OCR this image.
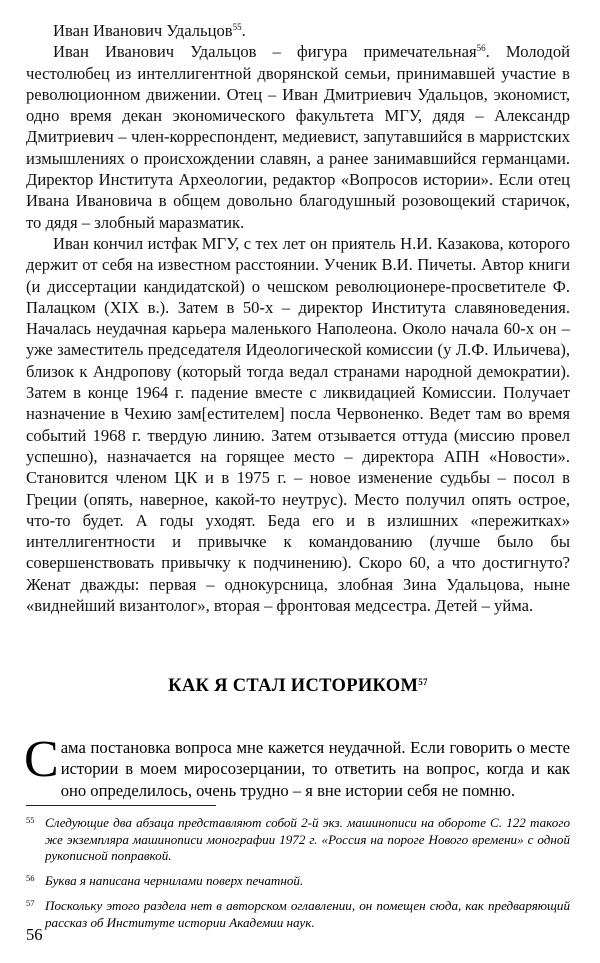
Иван Иванович Удальцов$^{55}$.

Иван Иванович Удальцов – фигура примечательная$^{56}$. Молодой честолюбец из интеллигентной дворянской семьи, принимавшей участие в революционном движении. Отец – Иван Дмитриевич Удальцов, экономист, одно время декан экономического факультета МГУ, дядя – Александр Дмитриевич – член-корреспондент, медиевист, запутавшийся в марристских измышлениях о происхождении славян, а ранее занимавшийся германцами. Директор Института Археологии, редактор «Вопросов истории». Если отец Ивана Ивановича в общем довольно благодушный розовощекий старичок, то дядя – злобный маразматик.

Иван кончил истфак МГУ, с тех лет он приятель Н.И. Казакова, которого держит от себя на известном расстоянии. Ученик В.И. Пичеты. Автор книги (и диссертации кандидатской) о чешском революционере-просветителе Ф. Палацком (XIX в.). Затем в 50-х – директор Института славяноведения. Началась неудачная карьера маленького Наполеона. Около начала 60-х он – уже заместитель председателя Идеологической комиссии (у Л.Ф. Ильичева), близок к Андропову (который тогда ведал странами народной демократии). Затем в конце 1964 г. падение вместе с ликвидацией Комиссии. Получает назначение в Чехию зам[естителем] посла Червоненко. Ведет там во время событий 1968 г. твердую линию. Затем отзывается оттуда (миссию провел успешно), назначается на горящее место – директора АПН «Новости». Становится членом ЦК и в 1975 г. – новое изменение судьбы – посол в Греции (опять, наверное, какой-то неутрус). Место получил опять острое, что-то будет. А годы уходят. Беда его и в излишних «пережитках» интеллигентности и привычке к командованию (лучше было бы совершенствовать привычку к подчинению). Скоро 60, а что достигнуто? Женат дважды: первая – однокурсница, злобная Зина Удальцова, ныне «виднейший византолог», вторая – фронтовая медсестра. Детей – уйма.

КАК Я СТАЛ ИСТОРИКОМ$^{57}$

Сама постановка вопроса мне кажется неудачной. Если говорить о месте истории в моем миросозерцании, то ответить на вопрос, когда и как оно определилось, очень трудно – я вне истории себя не помню.

55 Следующие два абзаца представляют собой 2-й экз. машинописи на обороте С. 122 такого же экземпляра машинописи монографии 1972 г. «Россия на пороге Нового времени» с одной рукописной поправкой.

56 Буква я написана чернилами поверх печатной.

57 Поскольку этого раздела нет в авторском оглавлении, он помещен сюда, как предваряющий рассказ об Институте истории Академии наук.

56
